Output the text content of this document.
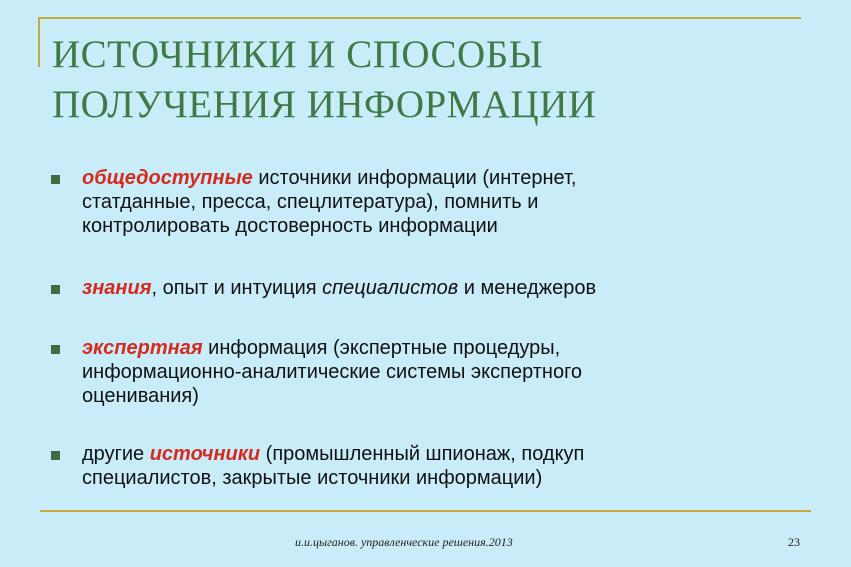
ИСТОЧНИКИ И СПОСОБЫ
ПОЛУЧЕНИЯ ИНФОРМАЦИИ
общедоступные источники информации (интернет,
статданные, пресса, спецлитература), помнить и
контролировать достоверность информации
знания, опыт и интуиция специалистов и менеджеров
экспертная информация (экспертные процедуры,
информационно-аналитические системы экспертного
оценивания)
другие источники (промышленный шпионаж, подкуп
специалистов, закрытые источники информации)
и.и.цыганов. управленческие решения.2013	23
